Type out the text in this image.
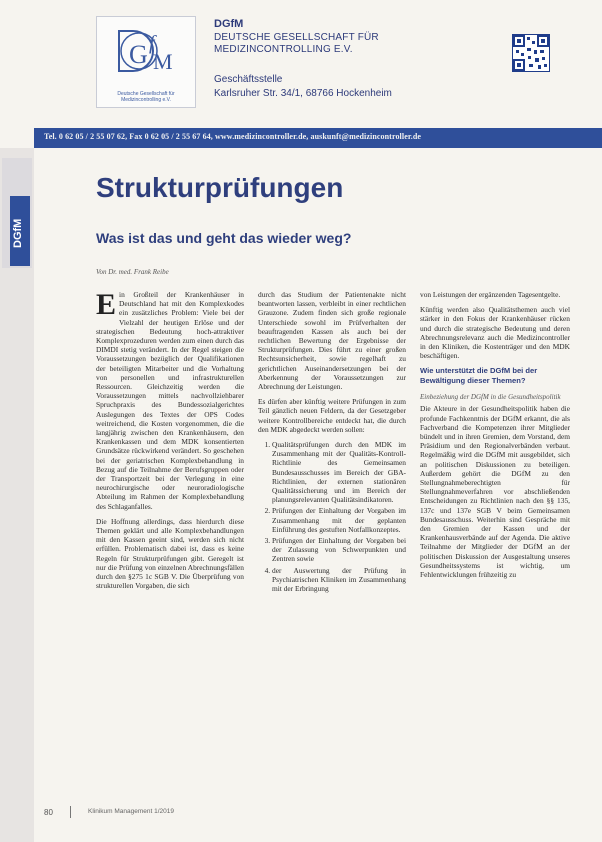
G f
M
Deutsche Gesellschaft für Medizincontrolling e.V.
DGfM
DEUTSCHE GESELLSCHAFT FÜR
MEDIZINCONTROLLING E.V.
Geschäftsstelle
Karlsruher Str. 34/1, 68766 Hockenheim
Tel. 0 62 05 / 2 55 07 62, Fax 0 62 05 / 2 55 67 64, www.medizincontroller.de, auskunft@medizincontroller.de
DGfM
Strukturprüfungen
Was ist das und geht das wieder weg?
Von Dr. med. Frank Reibe

Ein Großteil der Krankenhäuser in Deutschland hat mit den Komplexkodes ein zusätzliches Problem: Viele bei der Vielzahl der heutigen Erlöse und der strategischen Bedeutung hoch-attraktiver Komplexprozeduren werden zum einen durch das DIMDI stetig verändert. In der Regel steigen die Voraussetzungen bezüglich der Qualifikationen der beteiligten Mitarbeiter und die Vorhaltung von personellen und infrastrukturellen Ressourcen. Gleichzeitig werden die Voraussetzungen mittels nachvollziehbarer Spruchpraxis des Bundessozialgerichtes Auslegungen des Textes der OPS Codes weitreichend, die Kosten vorgenommen, die die langjährig zwischen den Krankenhäusern, den Krankenkassen und dem MDK konsentierten Grundsätze rückwirkend verändert. So geschehen bei der geriatrischen Komplexbehandlung in Bezug auf die Teilnahme der Berufsgruppen oder der Transportzeit bei der Verlegung in eine neurochirurgische oder neuroradiologische Abteilung im Rahmen der Komplexbehandlung des Schlaganfalles.

Die Hoffnung allerdings, dass hierdurch diese Themen geklärt und alle Komplexbehandlungen mit den Kassen geeint sind, werden sich nicht erfüllen. Problematisch dabei ist, dass es keine Regeln für Strukturprüfungen gibt. Geregelt ist nur die Prüfung von einzelnen Abrechnungsfällen durch den §275 1c SGB V. Die Überprüfung von strukturellen Vorgaben, die sich

durch das Studium der Patientenakte nicht beantworten lassen, verbleibt in einer rechtlichen Grauzone. Zudem finden sich große regionale Unterschiede sowohl im Prüfverhalten der beauftragenden Kassen als auch bei der rechtlichen Bewertung der Ergebnisse der Strukturprüfungen. Dies führt zu einer großen Rechtsunsicherheit, sowie regelhaft zu gerichtlichen Auseinandersetzungen bei der Aberkennung der Voraussetzungen zur Abrechnung der Leistungen.

Es dürfen aber künftig weitere Prüfungen in zum Teil gänzlich neuen Feldern, da der Gesetzgeber weitere Kontrollbereiche entdeckt hat, die durch den MDK abgedeckt werden sollen:

1. Qualitätsprüfungen durch den MDK im Zusammenhang mit der Qualitäts-Kontroll-Richtlinie des Gemeinsamen Bundesausschusses im Bereich der GBA-Richtlinien, der externen stationären Qualitätssicherung und im Bereich der planungsrelevanten Qualitätsindikatoren.
2. Prüfungen der Einhaltung der Vorgaben im Zusammenhang mit der geplanten Einführung des gestuften Notfallkonzeptes.
3. Prüfungen der Einhaltung der Vorgaben bei der Zulassung von Schwerpunkten und Zentren sowie
4. der Auswertung der Prüfung in Psychiatrischen Kliniken im Zusammenhang mit der Erbringung

von Leistungen der ergänzenden Tagesentgelte.

Künftig werden also Qualitätsthemen auch viel stärker in den Fokus der Krankenhäuser rücken und durch die strategische Bedeutung und deren Abrechnungsrelevanz auch die Medizincontroller in den Kliniken, die Kostenträger und den MDK beschäftigen.

Wie unterstützt die DGfM bei der Bewältigung dieser Themen?
Einbeziehung der DGfM in die Gesundheitspolitik

Die Akteure in der Gesundheitspolitik haben die profunde Fachkenntnis der DGfM erkannt, die als Fachverband die Kompetenzen ihrer Mitglieder bündelt und in ihren Gremien, dem Vorstand, dem Präsidium und den Regionalverbänden verbaut. Regelmäßig wird die DGfM mit ausgebildet, sich an politischen Diskussionen zu beteiligen. Außerdem gehört die DGfM zu den Stellungnahmeberechtigten für Stellungnahmeverfahren vor abschließenden Entscheidungen zu Richtlinien nach den §§ 135, 137c und 137e SGB V beim Gemeinsamen Bundesausschuss. Weiterhin sind Gespräche mit den Gremien der Kassen und der Krankenhausverbände auf der Agenda. Die aktive Teilnahme der Mitglieder der DGfM an der politischen Diskussion der Ausgestaltung unseres Gesundheitssystems ist wichtig, um Fehlentwicklungen frühzeitig zu

80	Klinikum Management 1/2019
